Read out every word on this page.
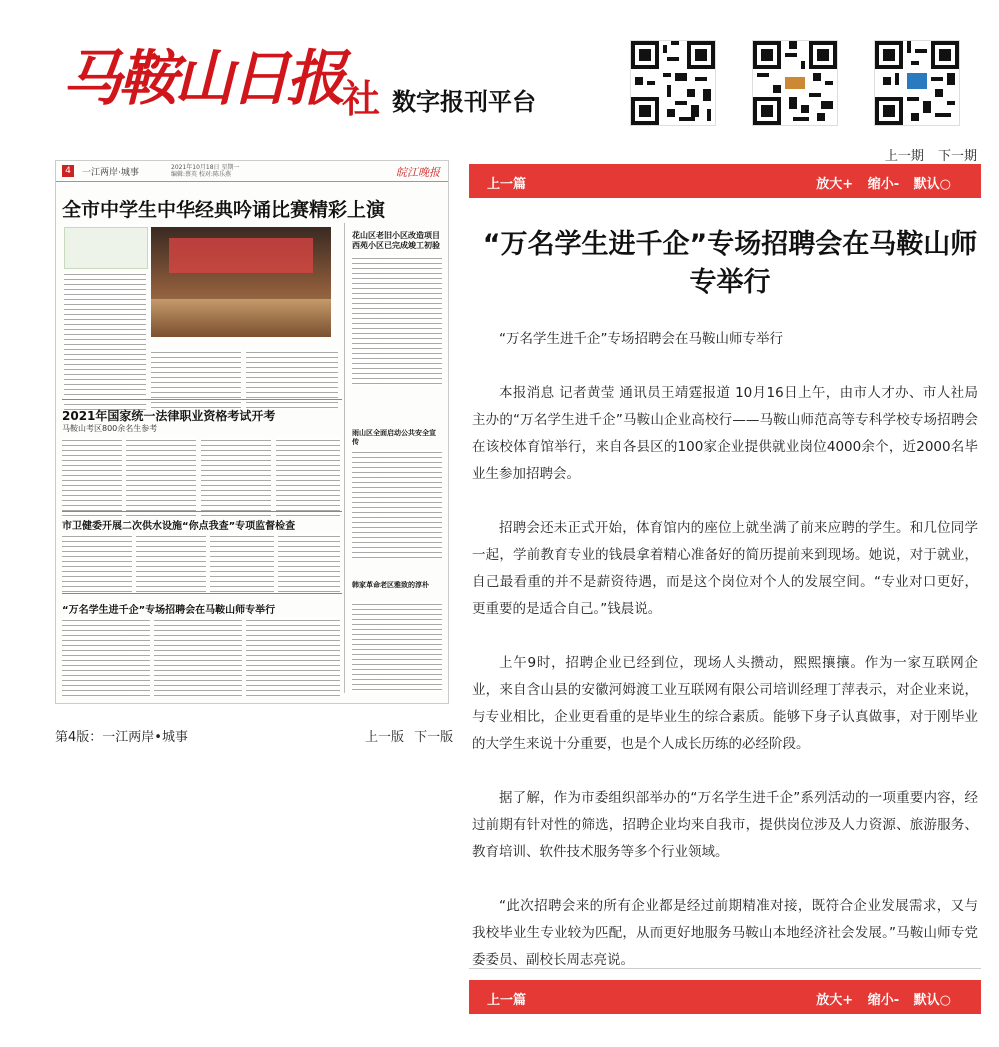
马鞍山日报 社 数字报刊平台
上一期 下一期
4	一江两岸·城事
2021年10月18日 星期一
编辑:蔡英 校对:陈乐燕	皖江晚报
全市中学生中华经典吟诵比赛精彩上演
花山区老旧小区改造项目西苑小区已完成竣工初验
2021年国家统一法律职业资格考试开考
马鞍山考区800余名生参考	雨山区全面启动公共安全宣传
市卫健委开展二次供水设施“你点我查”专项监督检查
韩家革命老区雅致的淳朴
“万名学生进千企”专场招聘会在马鞍山师专举行
第4版：一江两岸•城事	上一版 下一版
上一篇	放大+ 缩小- 默认○
“万名学生进千企”专场招聘会在马鞍山师专举行

“万名学生进千企”专场招聘会在马鞍山师专举行

本报消息 记者黄莹 通讯员王靖霆报道 10月16日上午，由市人才办、市人社局主办的“万名学生进千企”马鞍山企业高校行——马鞍山师范高等专科学校专场招聘会在该校体育馆举行，来自各县区的100家企业提供就业岗位4000余个，近2000名毕业生参加招聘会。

招聘会还未正式开始，体育馆内的座位上就坐满了前来应聘的学生。和几位同学一起，学前教育专业的钱晨拿着精心准备好的简历提前来到现场。她说，对于就业，自己最看重的并不是薪资待遇，而是这个岗位对个人的发展空间。“专业对口更好，更重要的是适合自己。”钱晨说。

上午9时，招聘企业已经到位，现场人头攒动，熙熙攘攘。作为一家互联网企业，来自含山县的安徽河姆渡工业互联网有限公司培训经理丁萍表示，对企业来说，与专业相比，企业更看重的是毕业生的综合素质。能够下身子认真做事，对于刚毕业的大学生来说十分重要，也是个人成长历练的必经阶段。

据了解，作为市委组织部举办的“万名学生进千企”系列活动的一项重要内容，经过前期有针对性的筛选，招聘企业均来自我市，提供岗位涉及人力资源、旅游服务、教育培训、软件技术服务等多个行业领域。

“此次招聘会来的所有企业都是经过前期精准对接，既符合企业发展需求，又与我校毕业生专业较为匹配，从而更好地服务马鞍山本地经济社会发展。”马鞍山师专党委委员、副校长周志亮说。

上一篇	放大+ 缩小- 默认○
